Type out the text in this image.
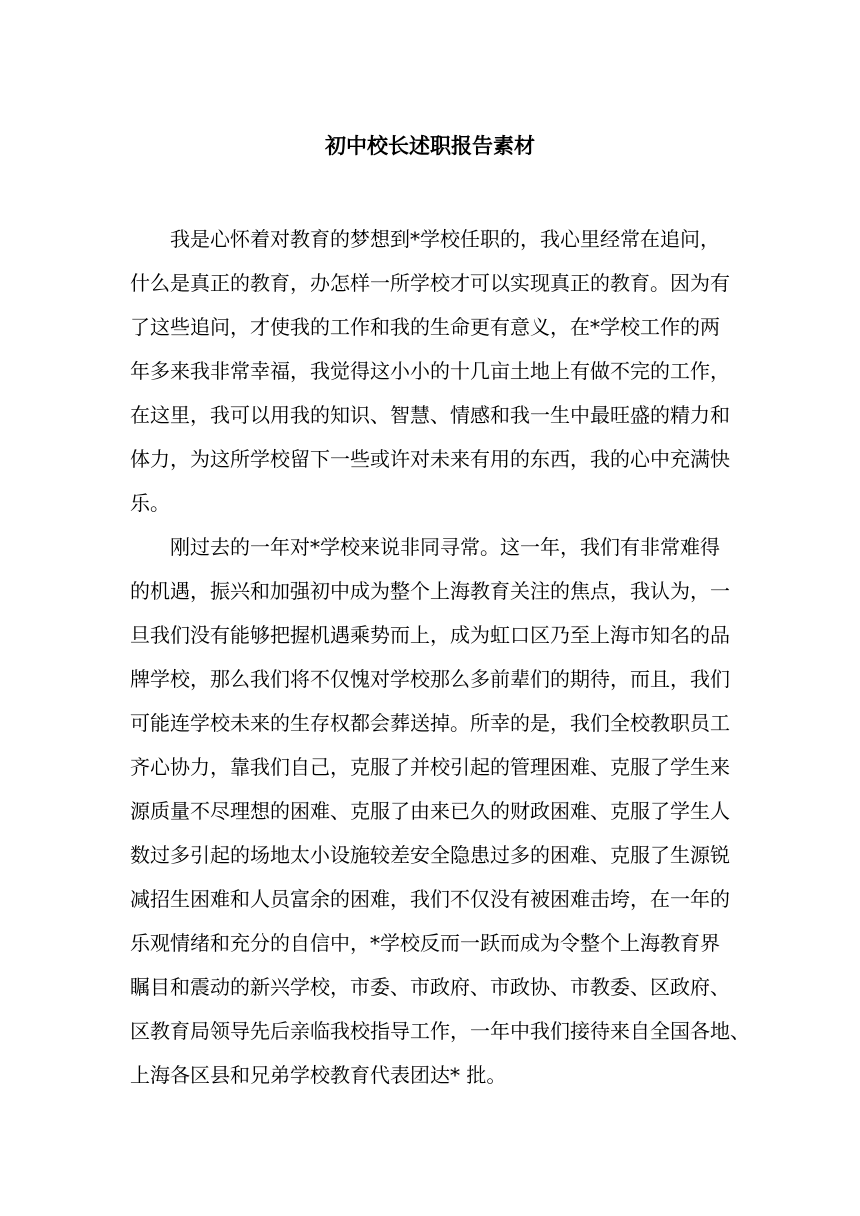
初中校长述职报告素材

我是心怀着对教育的梦想到*学校任职的，我心里经常在追问，

什么是真正的教育，办怎样一所学校才可以实现真正的教育。因为有

了这些追问，才使我的工作和我的生命更有意义，在*学校工作的两

年多来我非常幸福，我觉得这小小的十几亩土地上有做不完的工作，

在这里，我可以用我的知识、智慧、情感和我一生中最旺盛的精力和

体力，为这所学校留下一些或许对未来有用的东西，我的心中充满快

乐。

刚过去的一年对*学校来说非同寻常。这一年，我们有非常难得

的机遇，振兴和加强初中成为整个上海教育关注的焦点，我认为，一

旦我们没有能够把握机遇乘势而上，成为虹口区乃至上海市知名的品

牌学校，那么我们将不仅愧对学校那么多前辈们的期待，而且，我们

可能连学校未来的生存权都会葬送掉。所幸的是，我们全校教职员工

齐心协力，靠我们自己，克服了并校引起的管理困难、克服了学生来

源质量不尽理想的困难、克服了由来已久的财政困难、克服了学生人

数过多引起的场地太小设施较差安全隐患过多的困难、克服了生源锐

减招生困难和人员富余的困难，我们不仅没有被困难击垮，在一年的

乐观情绪和充分的自信中，*学校反而一跃而成为令整个上海教育界

瞩目和震动的新兴学校，市委、市政府、市政协、市教委、区政府、

区教育局领导先后亲临我校指导工作，一年中我们接待来自全国各地、

上海各区县和兄弟学校教育代表团达* 批。
